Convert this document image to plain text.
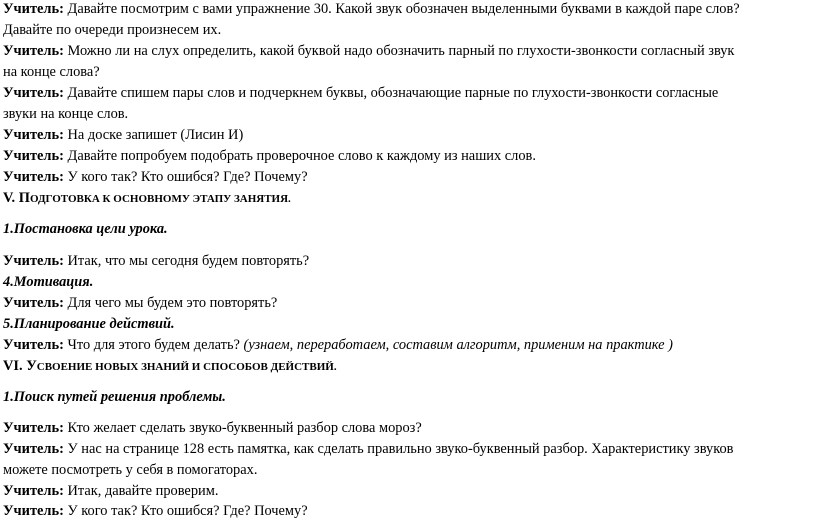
Учитель: Давайте посмотрим с вами упражнение 30. Какой звук обозначен выделенными буквами в каждой паре слов?
Давайте по очереди произнесем их.
Учитель: Можно ли на слух определить, какой буквой надо обозначить парный по глухости-звонкости согласный звук
на конце слова?
Учитель: Давайте спишем пары слов и подчеркнем буквы, обозначающие парные по глухости-звонкости согласные
звуки на конце слов.
Учитель: На доске запишет (Лисин И)
Учитель: Давайте попробуем подобрать проверочное слово к каждому из наших слов.
Учитель: У кого так? Кто ошибся? Где? Почему?
V. ПОДГОТОВКА К ОСНОВНОМУ ЭТАПУ ЗАНЯТИЯ.
1.Постановка цели урока.
Учитель: Итак, что мы сегодня будем повторять?
4.Мотивация.
Учитель: Для чего мы будем это повторять?
5.Планирование действий.
Учитель: Что для этого будем делать? (узнаем, переработаем, составим алгоритм, применим на практике )
VI. УСВОЕНИЕ НОВЫХ ЗНАНИЙ И СПОСОБОВ ДЕЙСТВИЙ.
1.Поиск путей решения проблемы.
Учитель: Кто желает сделать звуко-буквенный разбор слова мороз?
Учитель: У нас на странице 128 есть памятка, как сделать правильно звуко-буквенный разбор. Характеристику звуков
можете посмотреть у себя в помогаторах.
Учитель: Итак, давайте проверим.
Учитель: У кого так? Кто ошибся? Где? Почему?
